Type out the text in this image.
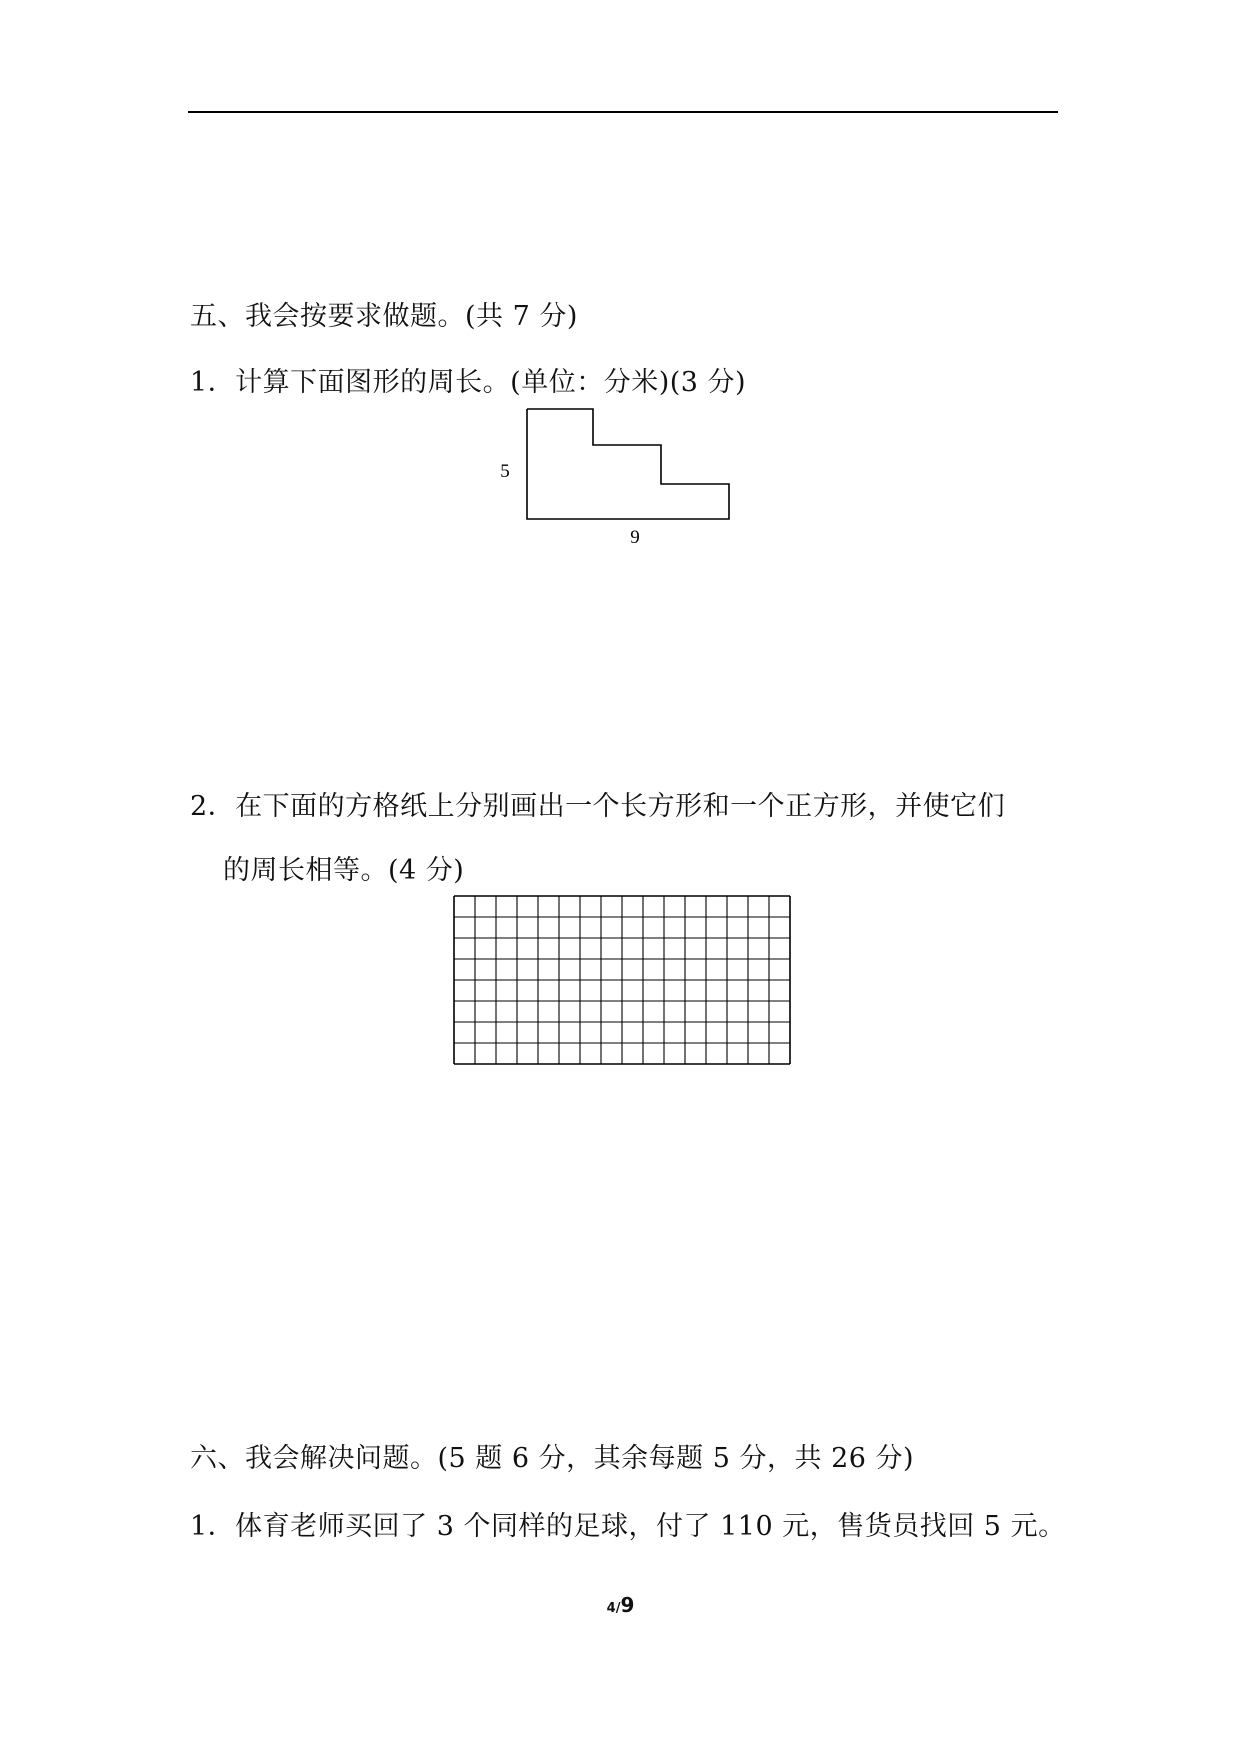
五、我会按要求做题。(共 7 分)
1．计算下面图形的周长。(单位：分米)(3 分)
5
9
2．在下面的方格纸上分别画出一个长方形和一个正方形，并使它们
的周长相等。(4 分)
六、我会解决问题。(5 题 6 分，其余每题 5 分，共 26 分)
1．体育老师买回了 3 个同样的足球，付了 110 元，售货员找回 5 元。
4/9
